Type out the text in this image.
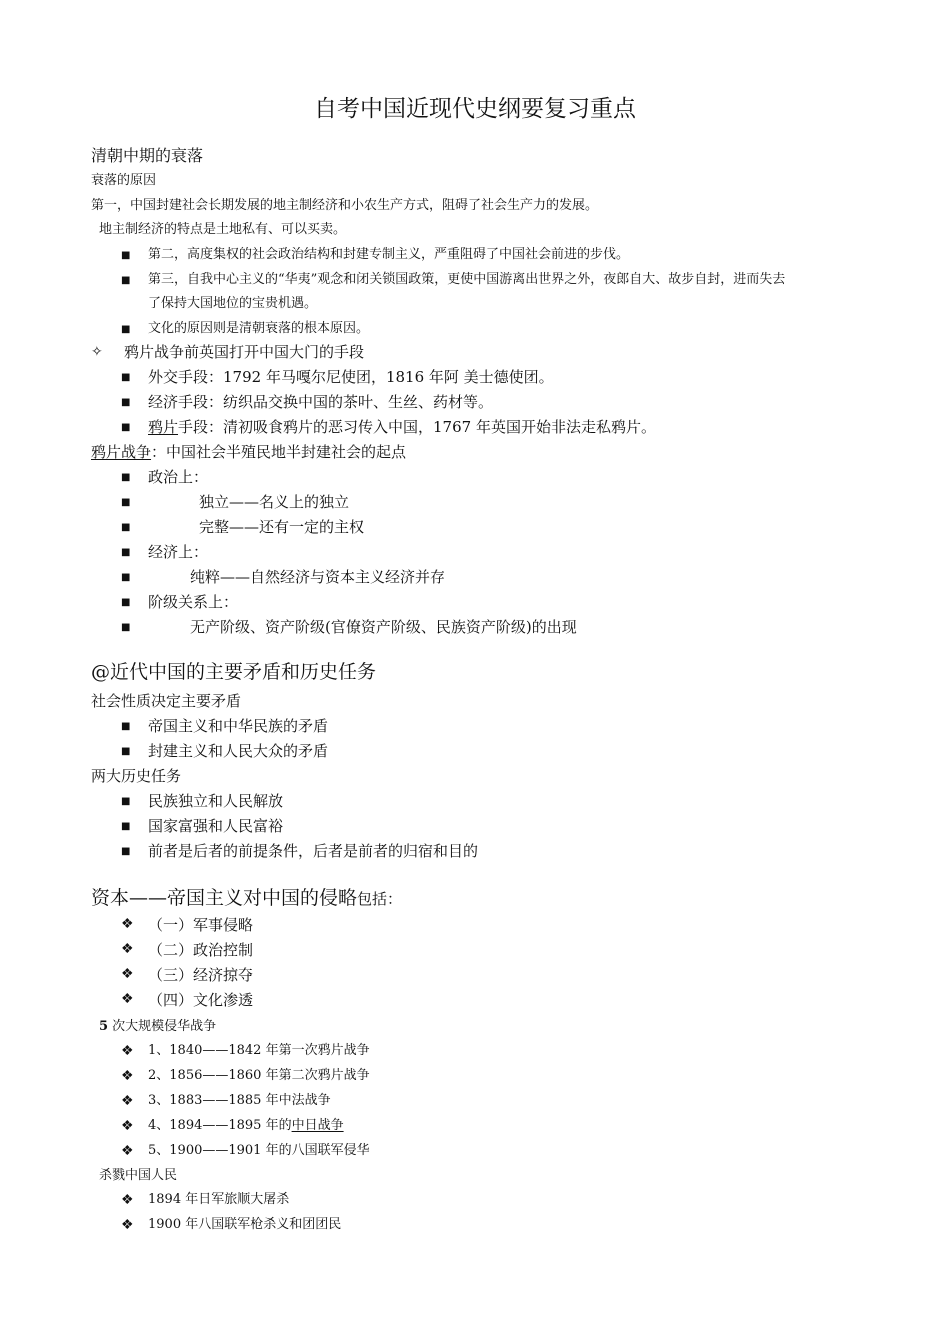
自考中国近现代史纲要复习重点
清朝中期的衰落
衰落的原因
第一，中国封建社会长期发展的地主制经济和小农生产方式，阻碍了社会生产力的发展。
地主制经济的特点是土地私有、可以买卖。
■ 第二，高度集权的社会政治结构和封建专制主义，严重阻碍了中国社会前进的步伐。
■ 第三，自我中心主义的“华夷”观念和闭关锁国政策，更使中国游离出世界之外，夜郎自大、故步自封，进而失去
了保持大国地位的宝贵机遇。
■ 文化的原因则是清朝衰落的根本原因。
✧ 鸦片战争前英国打开中国大门的手段
■ 外交手段：1792 年马嘎尔尼使团，1816 年阿 美士德使团。
■ 经济手段：纺织品交换中国的茶叶、生丝、药材等。
■ 鸦片手段：清初吸食鸦片的恶习传入中国，1767 年英国开始非法走私鸦片。
鸦片战争：中国社会半殖民地半封建社会的起点
■ 政治上：
■	独立——名义上的独立
■	完整——还有一定的主权
■ 经济上：
■	纯粹——自然经济与资本主义经济并存
■ 阶级关系上：
■	无产阶级、资产阶级(官僚资产阶级、民族资产阶级)的出现
@近代中国的主要矛盾和历史任务
社会性质决定主要矛盾
■ 帝国主义和中华民族的矛盾
■ 封建主义和人民大众的矛盾
两大历史任务
■ 民族独立和人民解放
■ 国家富强和人民富裕
■ 前者是后者的前提条件，后者是前者的归宿和目的
资本——帝国主义对中国的侵略包括：
❖ （一）军事侵略
❖ （二）政治控制
❖ （三）经济掠夺
❖ （四）文化渗透
5 次大规模侵华战争
❖ 1、1840——1842 年第一次鸦片战争
❖ 2、1856——1860 年第二次鸦片战争
❖ 3、1883——1885 年中法战争
❖ 4、1894——1895 年的中日战争
❖ 5、1900——1901 年的八国联军侵华
杀戮中国人民
❖ 1894 年日军旅顺大屠杀
❖ 1900 年八国联军枪杀义和团团民
